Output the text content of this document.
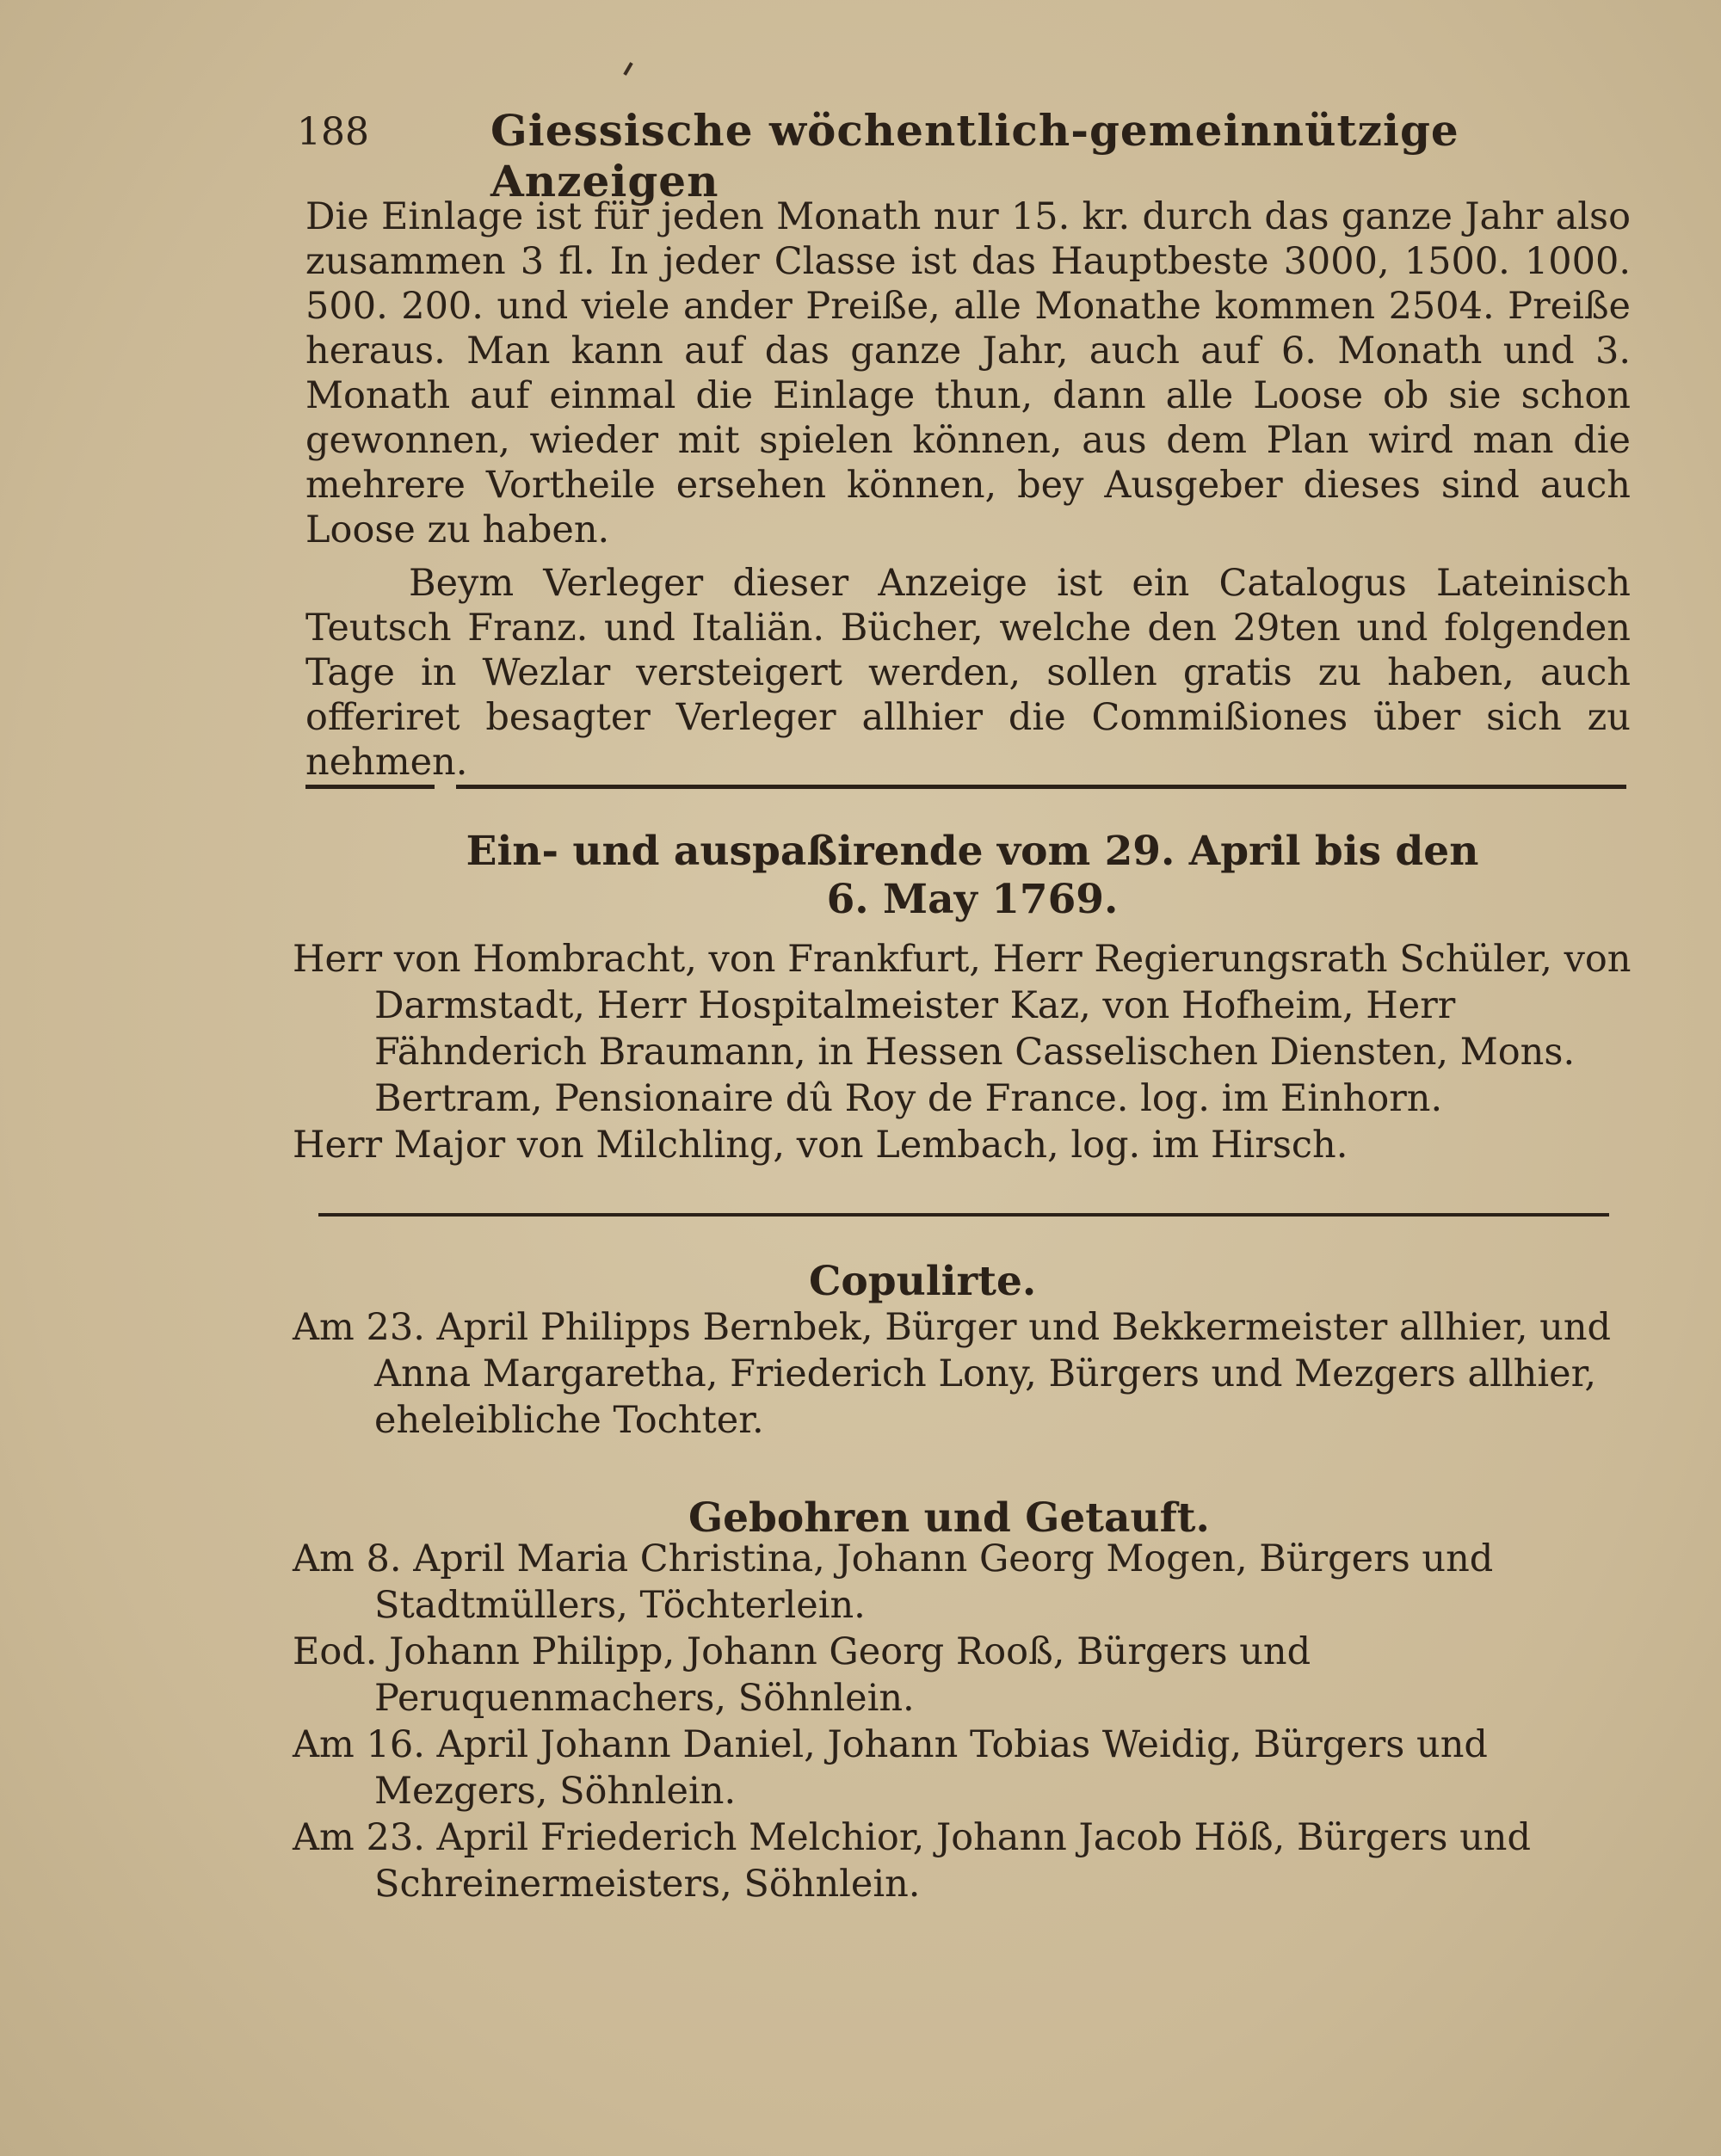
188	Giessische wöchentlich-gemeinnützige Anzeigen

Die Einlage ist für jeden Monath nur 15. kr. durch das ganze Jahr also zusammen 3 fl. In jeder Classe ist das Hauptbeste 3000, 1500. 1000. 500. 200. und viele ander Preiße, alle Monathe kommen 2504. Preiße heraus. Man kann auf das ganze Jahr, auch auf 6. Monath und 3. Monath auf einmal die Einlage thun, dann alle Loose ob sie schon gewonnen, wieder mit spielen können, aus dem Plan wird man die mehrere Vortheile ersehen können, bey Ausgeber dieses sind auch Loose zu haben.

Beym Verleger dieser Anzeige ist ein Catalogus Lateinisch Teutsch Franz. und Italiän. Bücher, welche den 29ten und folgenden Tage in Wezlar versteigert werden, sollen gratis zu haben, auch offeriret besagter Verleger allhier die Commißiones über sich zu nehmen.

Ein- und auspaßirende vom 29. April bis den
6. May 1769.

Herr von Hombracht, von Frankfurt, Herr Regierungsrath Schüler, von Darmstadt, Herr Hospitalmeister Kaz, von Hofheim, Herr Fähnderich Braumann, in Hessen Casselischen Diensten, Mons. Bertram, Pensionaire dû Roy de France. log. im Einhorn.

Herr Major von Milchling, von Lembach, log. im Hirsch.

Copulirte.

Am 23. April Philipps Bernbek, Bürger und Bekkermeister allhier, und Anna Margaretha, Friederich Lony, Bürgers und Mezgers allhier, eheleibliche Tochter.

Gebohren und Getauft.

Am 8. April Maria Christina, Johann Georg Mogen, Bürgers und Stadtmüllers, Töchterlein.

Eod. Johann Philipp, Johann Georg Rooß, Bürgers und Peruquenmachers, Söhnlein.

Am 16. April Johann Daniel, Johann Tobias Weidig, Bürgers und Mezgers, Söhnlein.

Am 23. April Friederich Melchior, Johann Jacob Höß, Bürgers und Schreinermeisters, Söhnlein.
